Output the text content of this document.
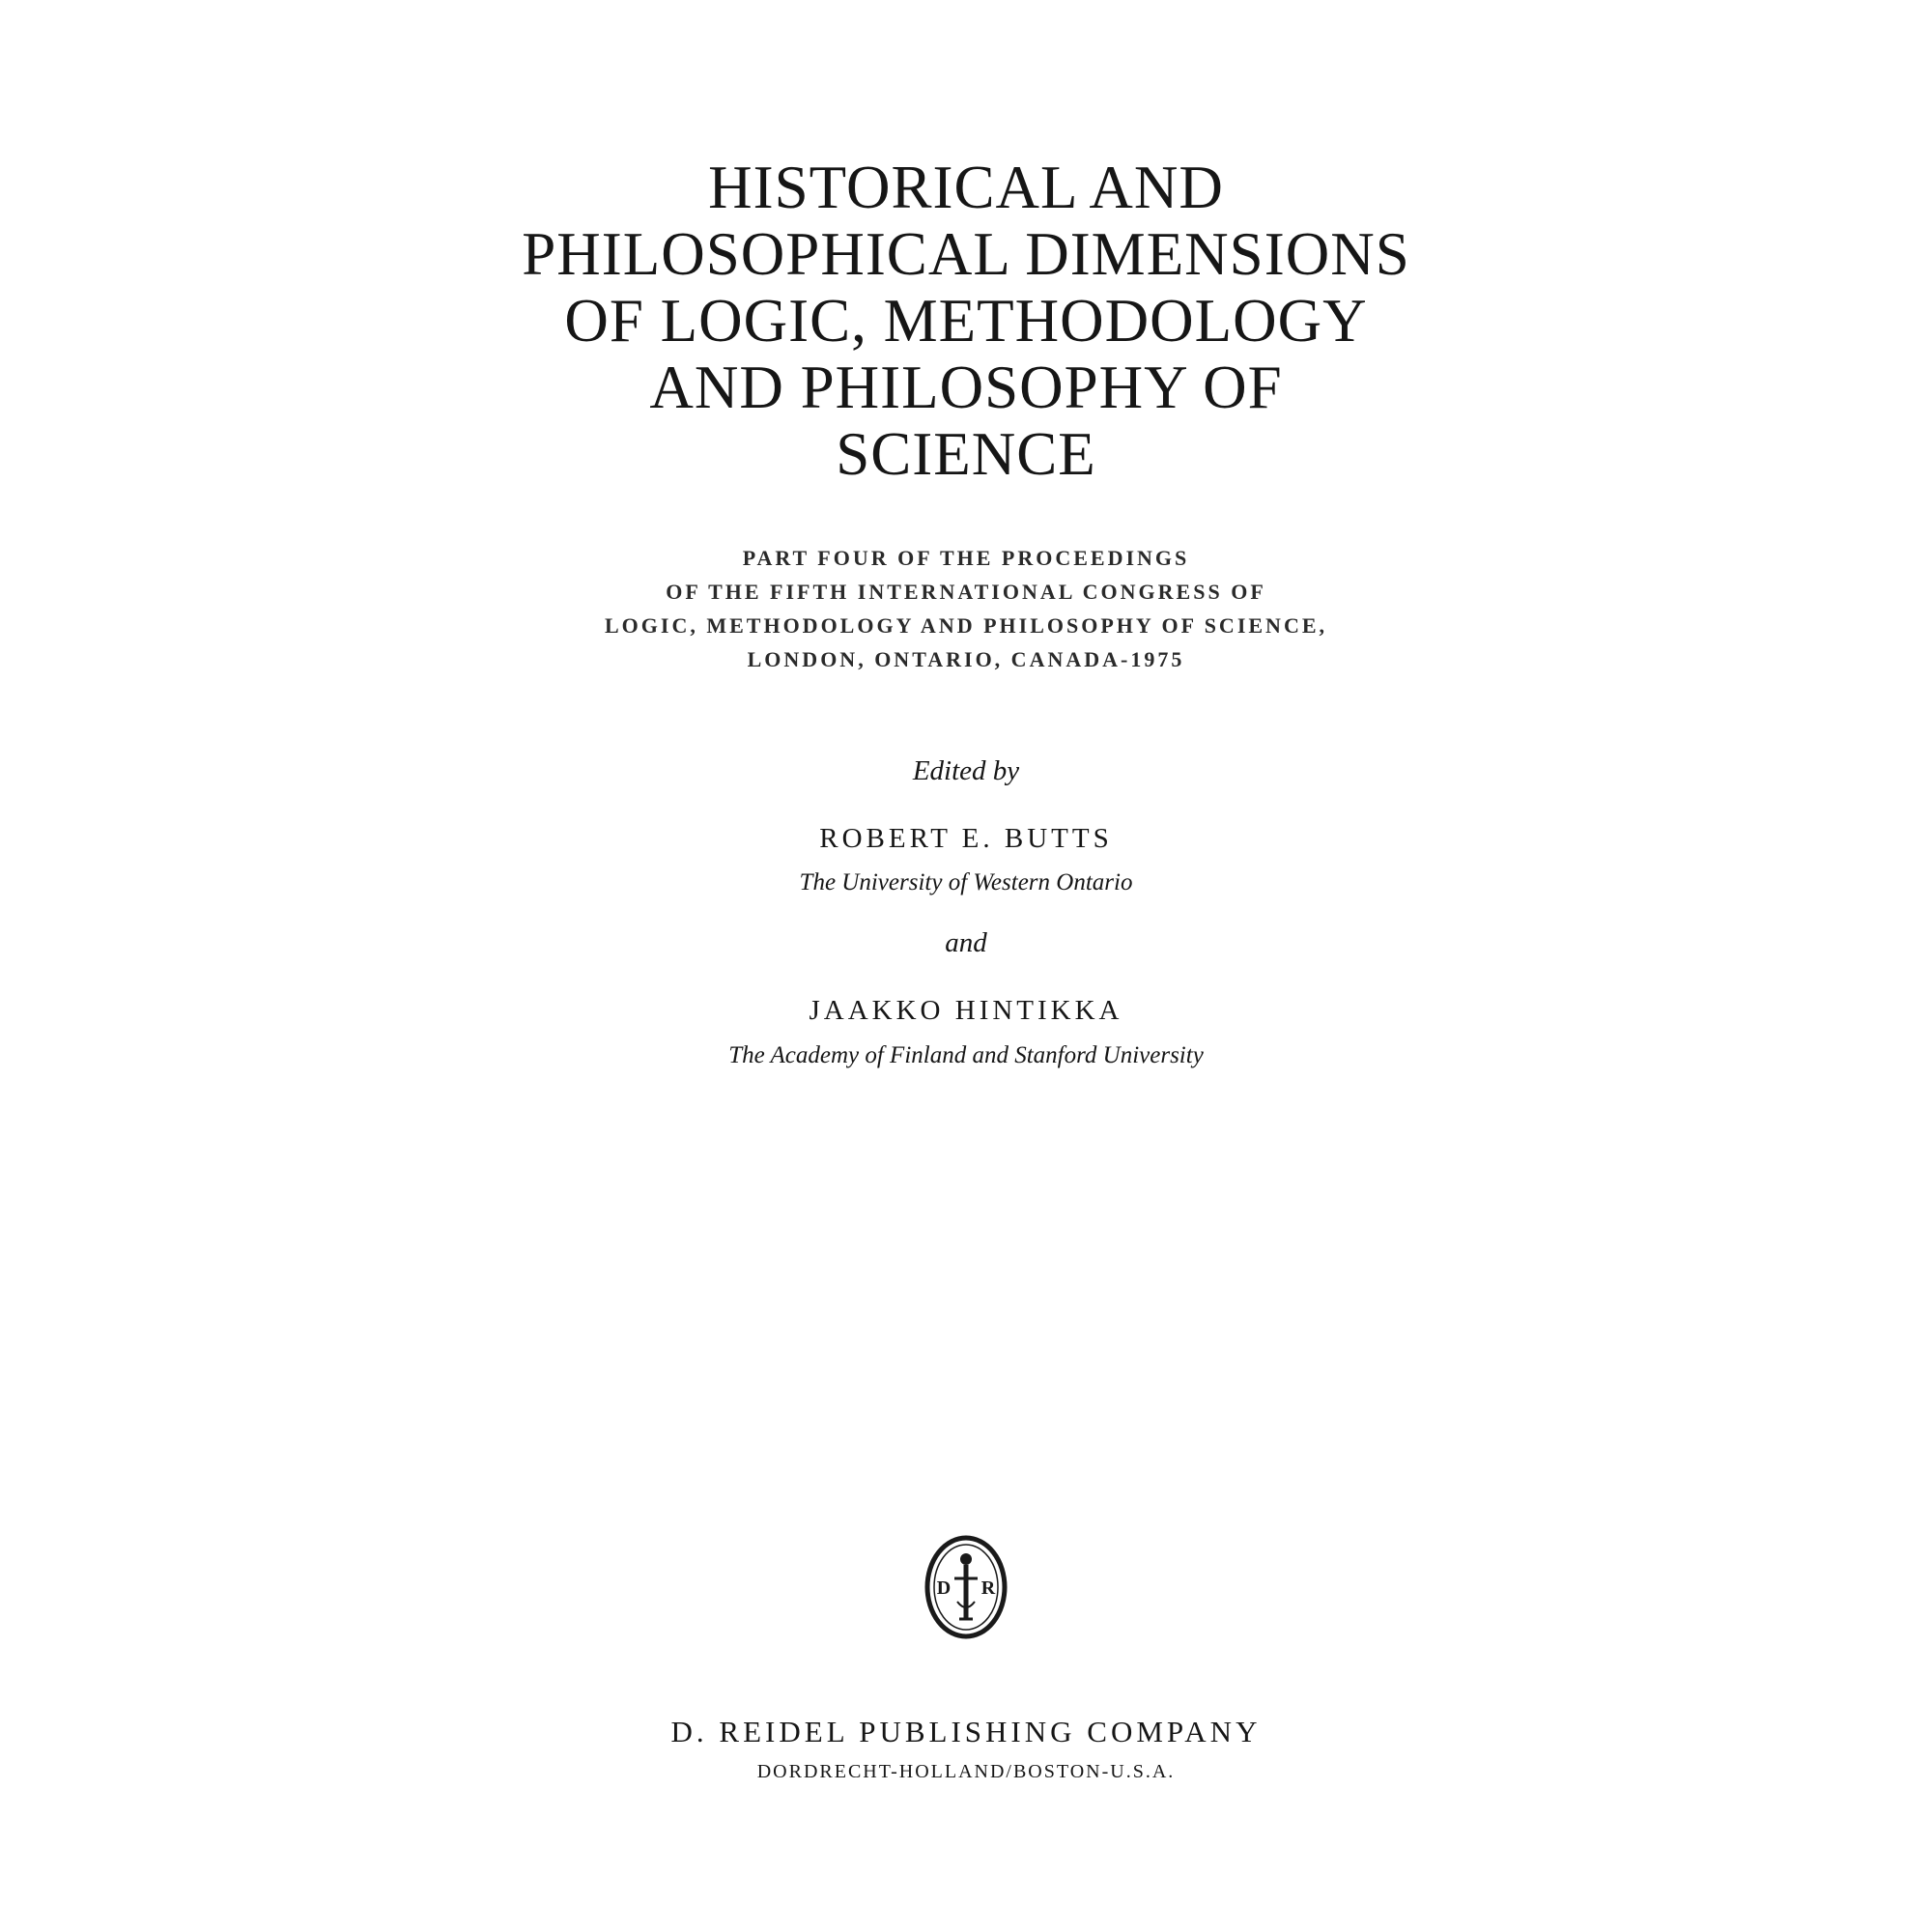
HISTORICAL AND
PHILOSOPHICAL DIMENSIONS
OF LOGIC, METHODOLOGY
AND PHILOSOPHY OF
SCIENCE
PART FOUR OF THE PROCEEDINGS
OF THE FIFTH INTERNATIONAL CONGRESS OF
LOGIC, METHODOLOGY AND PHILOSOPHY OF SCIENCE,
LONDON, ONTARIO, CANADA-1975
Edited by
ROBERT E. BUTTS
The University of Western Ontario
and
JAAKKO HINTIKKA
The Academy of Finland and Stanford University
D R
D. REIDEL PUBLISHING COMPANY
DORDRECHT-HOLLAND/BOSTON-U.S.A.
